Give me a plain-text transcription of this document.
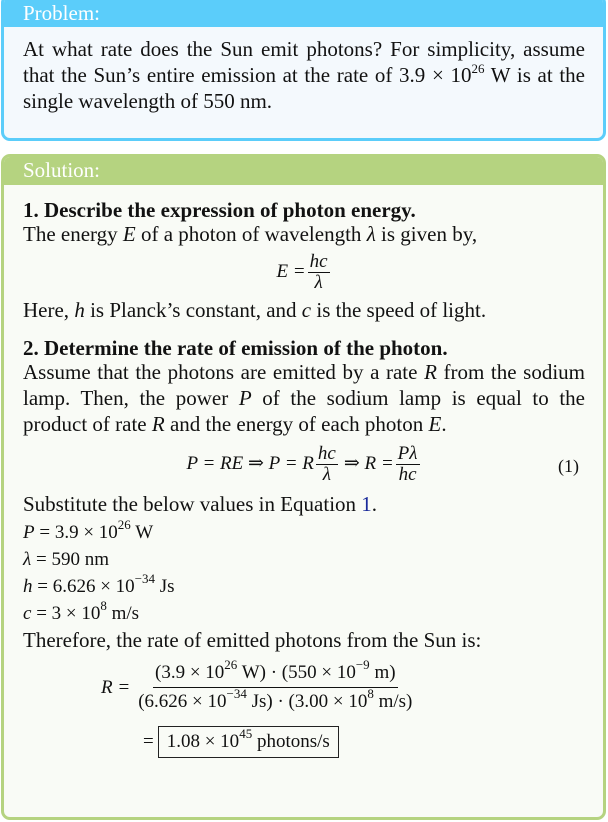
Problem:
At what rate does the Sun emit photons? For simplicity, assume that the Sun’s entire emission at the rate of $3.9 \times 10^{26}$ W is at the single wavelength of 550 nm.
Solution:
1. Describe the expression of photon energy.
The energy E of a photon of wavelength λ is given by,
$E = \frac{hc}{\lambda}$
Here, h is Planck’s constant, and c is the speed of light.
2. Determine the rate of emission of the photon.
Assume that the photons are emitted by a rate R from the sodium lamp. Then, the power P of the sodium lamp is equal to the product of rate R and the energy of each photon E.
P = RE ⇒ P = R $\frac{hc}{\lambda}$ ⇒ $R = \frac{P\lambda}{hc}$	(1)
Substitute the below values in Equation 1.
$P = 3.9 \times 10^{26}$ W
λ = 590 nm
$h = 6.626 \times 10^{-34}$ Js
$c = 3 \times 10^8$ m/s
Therefore, the rate of emitted photons from the Sun is:
$R = \frac{(3.9 \times 10^{26} W) \cdot (550 \times 10^{-9} m)}{(6.626 \times 10^{-34} Js) \cdot (3.00 \times 10^8 m/s)}$
= $1.08 \times 10^{45}$ photons/s
